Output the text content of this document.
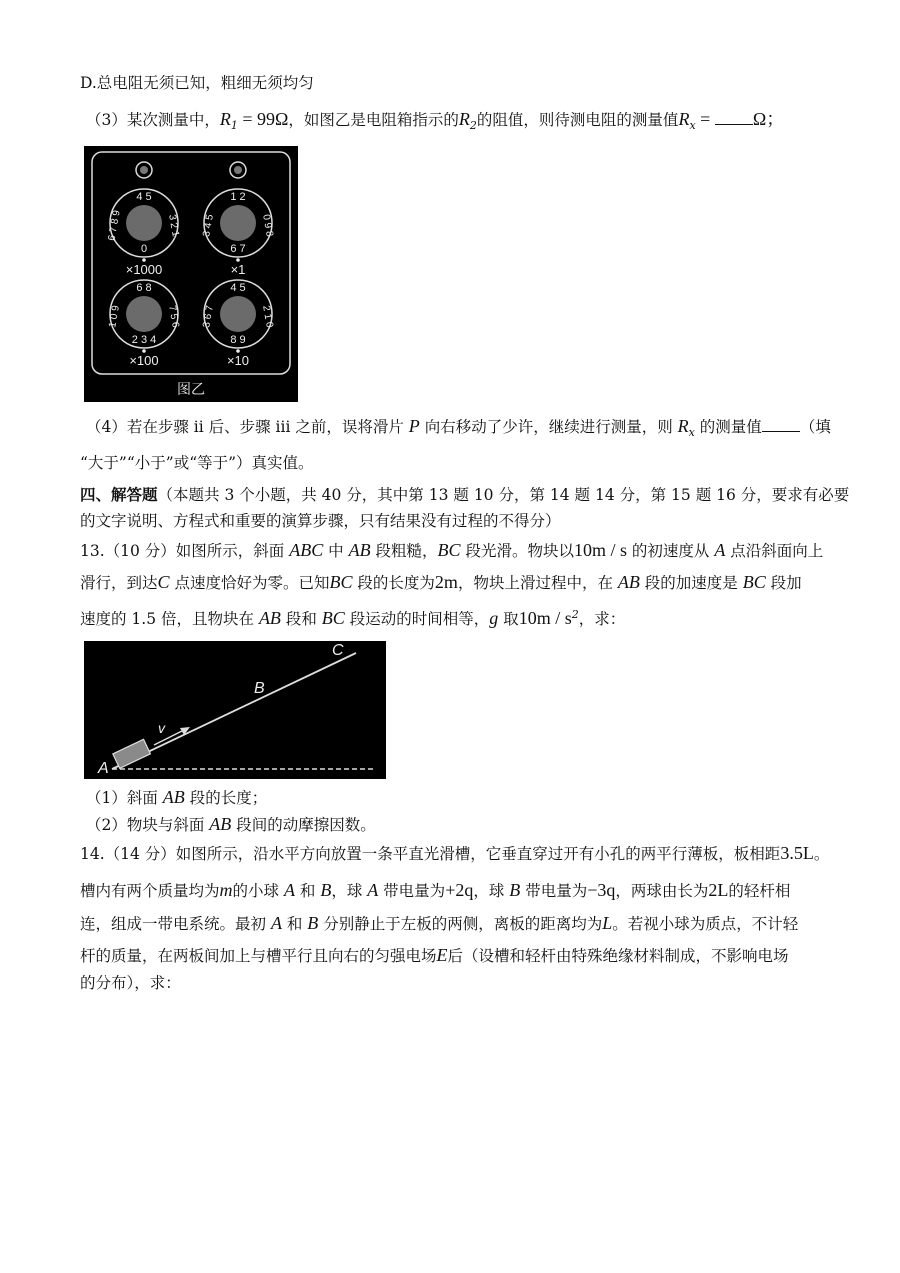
D.总电阻无须已知，粗细无须均匀
（3）某次测量中，$R_1 = 99\Omega$，如图乙是电阻箱指示的$R_2$的阻值，则待测电阻的测量值$R_x = \Omega$；
4 5
6 7 8 9	3 2 1
0
×1000
1 2
3 4 5	0 9 8
6 7
×1
6 8
1 0 9	7 5 6
2 3 4
×100
4 5
3 6 7	2 1 0
8 9
×10
图乙
（4）若在步骤 ii 后、步骤 iii 之前，误将滑片 P 向右移动了少许，继续进行测量，则 $R_x$ 的测量值 （填
“大于”“小于”或“等于”）真实值。
四、解答题（本题共 3 个小题，共 40 分，其中第 13 题 10 分，第 14 题 14 分，第 15 题 16 分，要求有必要
的文字说明、方程式和重要的演算步骤，只有结果没有过程的不得分）
13.（10 分）如图所示，斜面 ABC 中 AB 段粗糙，BC 段光滑。物块以10m / s 的初速度从 A 点沿斜面向上
滑行，到达C 点速度恰好为零。已知BC 段的长度为2m，物块上滑过程中，在 AB 段的加速度是 BC 段加
速度的 1.5 倍，且物块在 AB 段和 BC 段运动的时间相等，g 取$10m / s^2$，求：
v
A
B
C
（1）斜面 AB 段的长度；
（2）物块与斜面 AB 段间的动摩擦因数。
14.（14 分）如图所示，沿水平方向放置一条平直光滑槽，它垂直穿过开有小孔的两平行薄板，板相距3.5L。
槽内有两个质量均为m的小球 A 和 B，球 A 带电量为+2q，球 B 带电量为−3q，两球由长为2L的轻杆相
连，组成一带电系统。最初 A 和 B 分别静止于左板的两侧，离板的距离均为L。若视小球为质点，不计轻
杆的质量，在两板间加上与槽平行且向右的匀强电场E后（设槽和轻杆由特殊绝缘材料制成，不影响电场
的分布），求：
